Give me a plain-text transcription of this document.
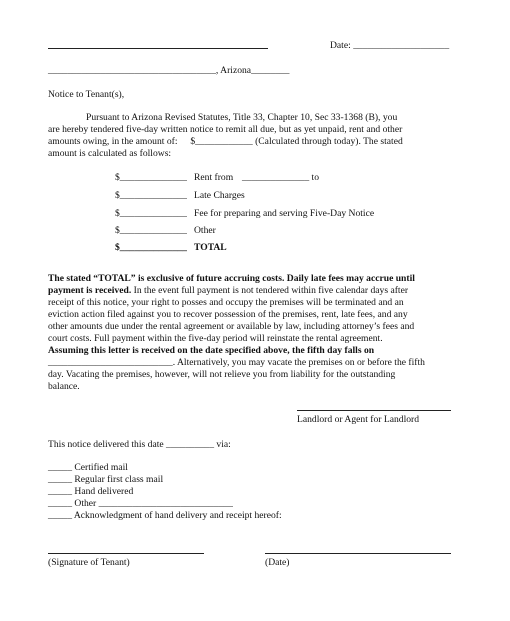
Date: ____________________
___________________________________, Arizona________
Notice to Tenant(s),
Pursuant to Arizona Revised Statutes, Title 33, Chapter 10, Sec 33-1368 (B), you
are hereby tendered five-day written notice to remit all due, but as yet unpaid, rent and other
amounts owing, in the amount of: $____________ (Calculated through today). The stated
amount is calculated as follows:
$______________ Rent from ______________ to
$______________ Late Charges
$______________ Fee for preparing and serving Five-Day Notice
$______________ Other
$______________ TOTAL
The stated “TOTAL” is exclusive of future accruing costs. Daily late fees may accrue until
payment is received. In the event full payment is not tendered within five calendar days after
receipt of this notice, your right to posses and occupy the premises will be terminated and an
eviction action filed against you to recover possession of the premises, rent, late fees, and any
other amounts due under the rental agreement or available by law, including attorney’s fees and
court costs. Full payment within the five-day period will reinstate the rental agreement.
Assuming this letter is received on the date specified above, the fifth day falls on
__________________________. Alternatively, you may vacate the premises on or before the fifth
day. Vacating the premises, however, will not relieve you from liability for the outstanding
balance.
Landlord or Agent for Landlord
This notice delivered this date __________ via:
_____ Certified mail
_____ Regular first class mail
_____ Hand delivered
_____ Other ____________________________
_____ Acknowledgment of hand delivery and receipt hereof:
(Signature of Tenant)	(Date)
